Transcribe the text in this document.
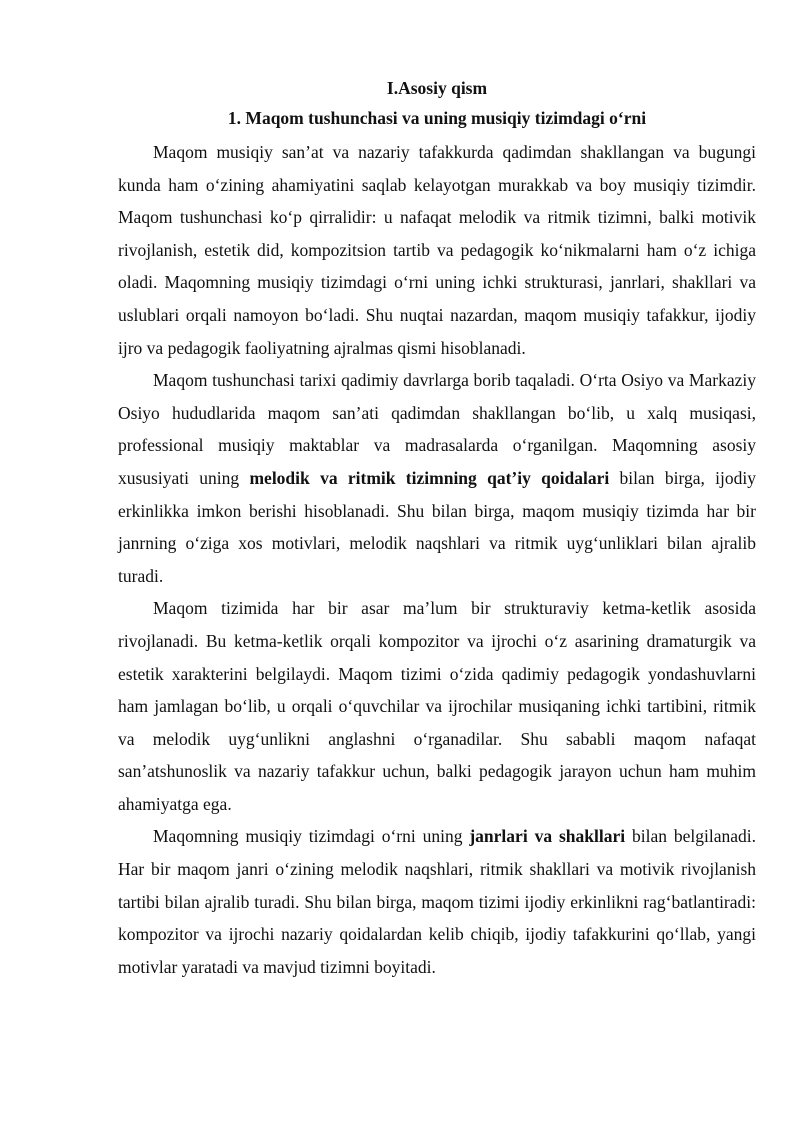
I.Asosiy qism
1. Maqom tushunchasi va uning musiqiy tizimdagi o‘rni

Maqom musiqiy san’at va nazariy tafakkurda qadimdan shakllangan va bugungi kunda ham o‘zining ahamiyatini saqlab kelayotgan murakkab va boy musiqiy tizimdir. Maqom tushunchasi ko‘p qirralidir: u nafaqat melodik va ritmik tizimni, balki motivik rivojlanish, estetik did, kompozitsion tartib va pedagogik ko‘nikmalarni ham o‘z ichiga oladi. Maqomning musiqiy tizimdagi o‘rni uning ichki strukturasi, janrlari, shakllari va uslublari orqali namoyon bo‘ladi. Shu nuqtai nazardan, maqom musiqiy tafakkur, ijodiy ijro va pedagogik faoliyatning ajralmas qismi hisoblanadi.

Maqom tushunchasi tarixi qadimiy davrlarga borib taqaladi. O‘rta Osiyo va Markaziy Osiyo hududlarida maqom san’ati qadimdan shakllangan bo‘lib, u xalq musiqasi, professional musiqiy maktablar va madrasalarda o‘rganilgan. Maqomning asosiy xususiyati uning melodik va ritmik tizimning qat’iy qoidalari bilan birga, ijodiy erkinlikka imkon berishi hisoblanadi. Shu bilan birga, maqom musiqiy tizimda har bir janrning o‘ziga xos motivlari, melodik naqshlari va ritmik uyg‘unliklari bilan ajralib turadi.

Maqom tizimida har bir asar ma’lum bir strukturaviy ketma-ketlik asosida rivojlanadi. Bu ketma-ketlik orqali kompozitor va ijrochi o‘z asarining dramaturgik va estetik xarakterini belgilaydi. Maqom tizimi o‘zida qadimiy pedagogik yondashuvlarni ham jamlagan bo‘lib, u orqali o‘quvchilar va ijrochilar musiqaning ichki tartibini, ritmik va melodik uyg‘unlikni anglashni o‘rganadilar. Shu sababli maqom nafaqat san’atshunoslik va nazariy tafakkur uchun, balki pedagogik jarayon uchun ham muhim ahamiyatga ega.

Maqomning musiqiy tizimdagi o‘rni uning janrlari va shakllari bilan belgilanadi. Har bir maqom janri o‘zining melodik naqshlari, ritmik shakllari va motivik rivojlanish tartibi bilan ajralib turadi. Shu bilan birga, maqom tizimi ijodiy erkinlikni rag‘batlantiradi: kompozitor va ijrochi nazariy qoidalardan kelib chiqib, ijodiy tafakkurini qo‘llab, yangi motivlar yaratadi va mavjud tizimni boyitadi.
